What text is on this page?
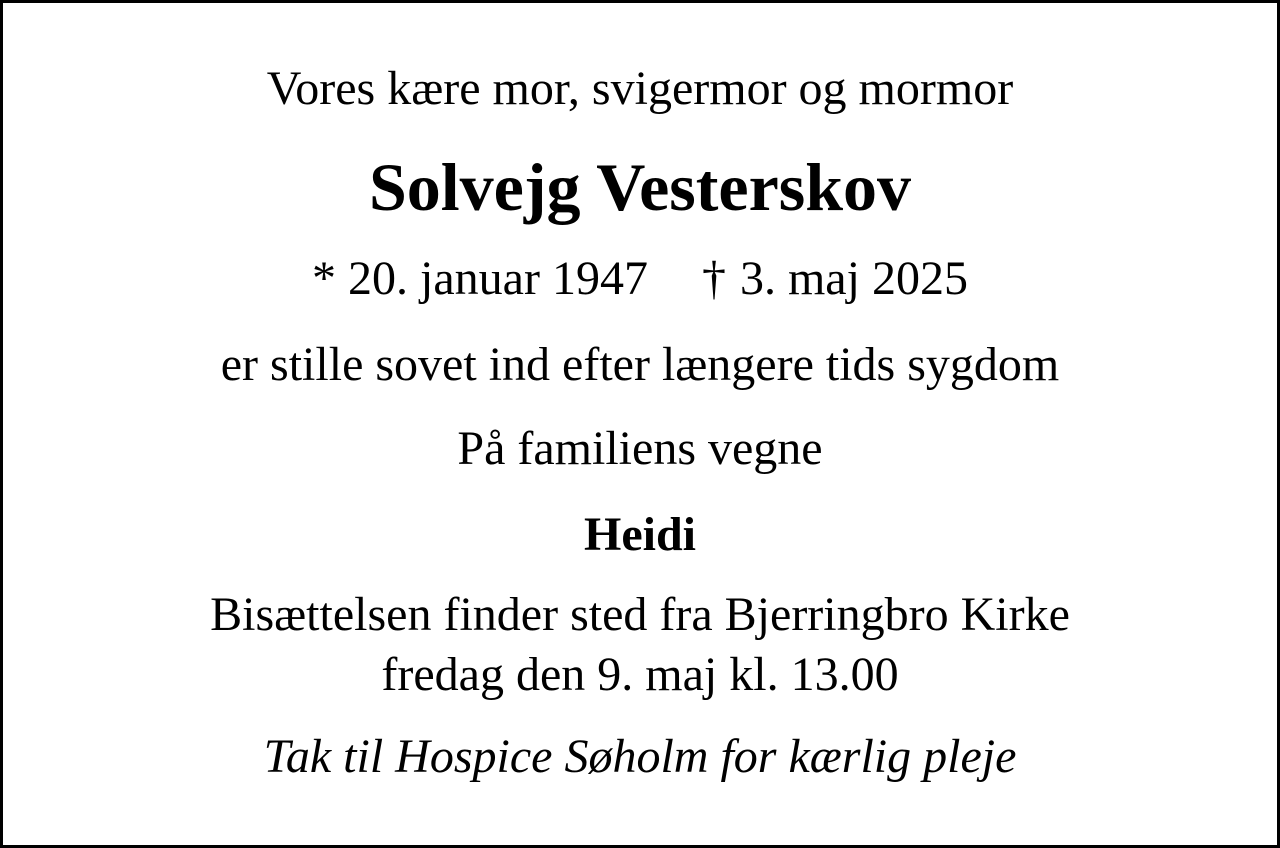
Vores kære mor, svigermor og mormor
Solvejg Vesterskov
* 20. januar 1947 † 3. maj 2025
er stille sovet ind efter længere tids sygdom
På familiens vegne
Heidi
Bisættelsen finder sted fra Bjerringbro Kirke
fredag den 9. maj kl. 13.00
Tak til Hospice Søholm for kærlig pleje
